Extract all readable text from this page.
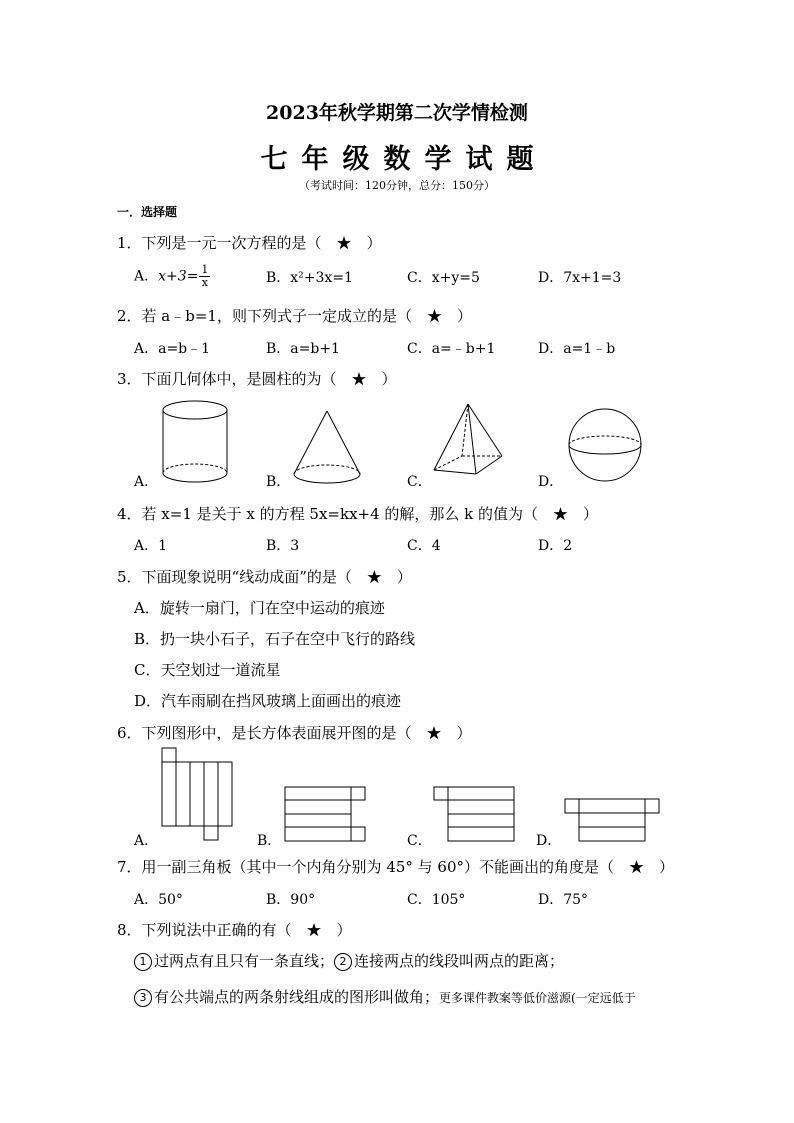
2023年秋学期第二次学情检测
七年级数学试题
（考试时间：120分钟，总分：150分）
一．选择题
1．下列是一元一次方程的是（　★　）
A．$x+3= \frac{1}{x}$	B．x²+3x=1	C．x+y=5	D．7x+1=3
2．若 a﹣b=1，则下列式子一定成立的是（　★　）
A．a=b﹣1	B．a=b+1	C．a=﹣b+1	D．a=1﹣b
3．下面几何体中，是圆柱的为（　★　）
A．	B．	C．	D．
4．若 x=1 是关于 x 的方程 5x=kx+4 的解，那么 k 的值为（　★　）
A．1	B．3	C．4	D．2
5．下面现象说明“线动成面”的是（　★　）
A．旋转一扇门，门在空中运动的痕迹
B．扔一块小石子，石子在空中飞行的路线
C．天空划过一道流星
D．汽车雨刷在挡风玻璃上面画出的痕迹
6．下列图形中，是长方体表面展开图的是（　★　）
A．	B．	C．	D．
7．用一副三角板（其中一个内角分别为 45° 与 60°）不能画出的角度是（　★　）
A．50°	B．90°	C．105°	D．75°
8．下列说法中正确的有（　★　）
1 过两点有且只有一条直线； 2 连接两点的线段叫两点的距离；
3 有公共端点的两条射线组成的图形叫做角；更多课件教案等低价滋源(一定远低于
